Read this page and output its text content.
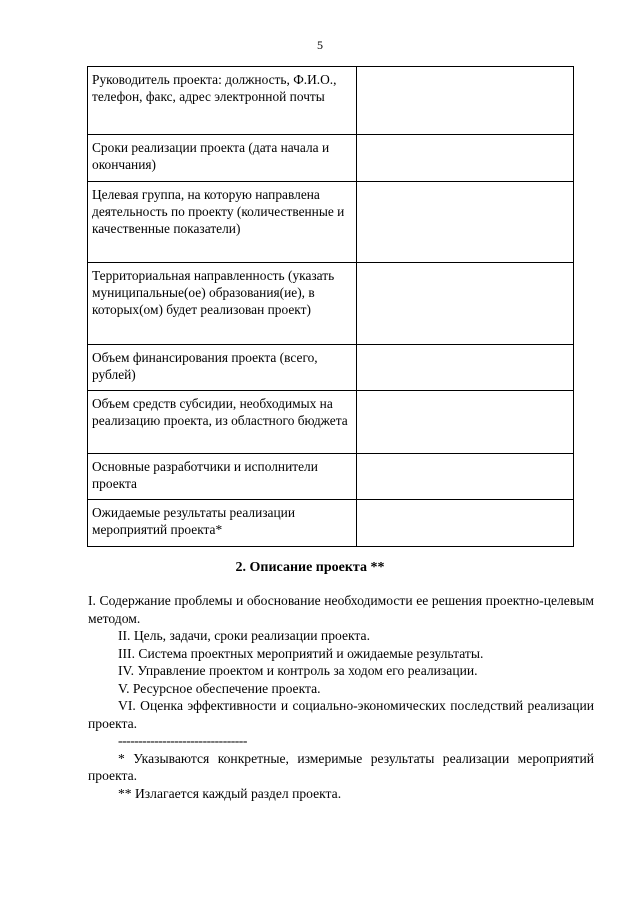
5
Руководитель проекта: должность, Ф.И.О., телефон, факс, адрес электронной почты	
Сроки реализации проекта (дата начала и окончания)	
Целевая группа, на которую направлена деятельность по проекту (количественные и качественные показатели)	
Территориальная направленность (указать муниципальные(ое) образования(ие), в которых(ом) будет реализован проект)	
Объем финансирования проекта (всего, рублей)	
Объем средств субсидии, необходимых на реализацию проекта, из областного бюджета	
Основные разработчики и исполнители проекта	
Ожидаемые результаты реализации мероприятий проекта*	
2. Описание проекта **

I. Содержание проблемы и обоснование необходимости ее решения проектно-целевым методом.

II. Цель, задачи, сроки реализации проекта.

III. Система проектных мероприятий и ожидаемые результаты.

IV. Управление проектом и контроль за ходом его реализации.

V. Ресурсное обеспечение проекта.

VI. Оценка эффективности и социально-экономических последствий реализации проекта.

--------------------------------

* Указываются конкретные, измеримые результаты реализации мероприятий проекта.

** Излагается каждый раздел проекта.
